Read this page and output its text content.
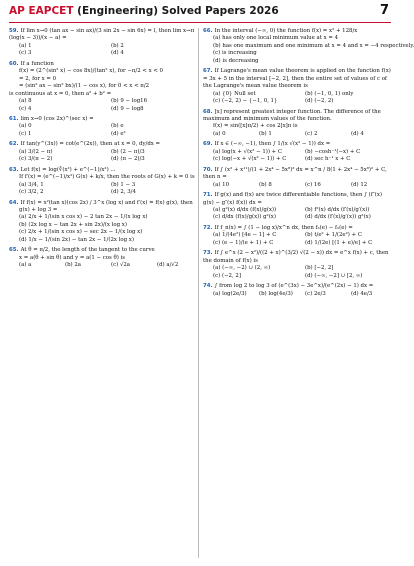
AP EAPCET (Engineering) Solved Papers 2026	7
59. If lim x→0 (tan ax − sin ax)/(3 sin 2x − sin 6x) = l, then lim x→π (log(x − 3))/(x − a) =
(a) 1	(b) 2
(c) 3	(d) 4
60. If a function
f(x) = (2^(sin² x) − cos 8x)/(tan² x), for −π/2 < x < 0
= 2, for x = 0
= (sin² ax − sin² bx)/(1 − cos x), for 0 < x < π/2
is continuous at x = 0, then a² + b² =
(a) 8	(b) 9 − log16
(c) 4	(d) 9 − log8
61. lim x→0 (cos 2x)^(sec x) =
(a) 0	(b) e
(c) 1	(d) e²
62. If tan(y^(3x)) = cot(e^(2x)), then at x = 0, dy/dx =
(a) 3/(2 − π)	(b) (2 − π)/3
(c) 3/(π − 2)	(d) (π − 2)/3
63. Let f(x) = log(∛(x²) + e^(−1)/x²) ...
If f′(x) = (e^(−1)/x²) G(x) + k/x, then the roots of G(x) + k = 0 is
(a) 3/4, 1	(b) 1 − 3
(c) 3/2, 2	(d) 2, 3/4
64. If f(x) = x²(tan x)(cos 2x) / 3^x (log x) and f′(x) = f(x) g(x), then
g(x) + log 3 =
(a) 2/x + 1/(sin x cos x) − 2 tan 2x − 1/(x log x)
(b) (2x log x − tan 2x + sin 2x)/(x log x)
(c) 2/x + 1/(sin x cos x) − sec 2x − 1/(x log x)
(d) 1/x − 1/(sin 2x) − tan 2x − 1/(2x log x)
65. At θ = π/2, the length of the tangent to the curve
x = a(θ + sin θ) and y = a(1 − cos θ) is
(a) a	(b) 2a	(c) √2a	(d) a/√2
66. In the interval (−∞, 0) the function f(x) = x² + 128/x
(a) has only one local minimum value at x = 4
(b) has one maximum and one minimum at x = 4 and x = −4 respectively.
(c) is increasing
(d) is decreasing
67. If Lagrange's mean value theorem is applied on the function f(x) = 3x + 5 in the interval [−2, 2], then the entire set of values of c of the Lagrange's mean value theorem is
(a) {0} Null set	(b) (−1, 0, 1) only
(c) (−2, 2) − {−1, 0, 1}	(d) (−2, 2)
68. [x] represent greatest integer function. The difference of the maximum and minimum values of the function.
f(x) = sin([x]π/2) + cos 2[x]π is
(a) 0	(b) 1	(c) 2	(d) 4
69. If x ∈ (−∞, −1), then ∫ 1/(x √(x² − 1)) dx =
(a) log(x + √(x² − 1)) + C	(b) −cosh⁻¹(−x) + C
(c) log(−x + √(x² − 1)) + C	(d) sec h⁻¹ x + C
70. If ∫ (x² + x¹¹)/(1 + 2x⁴ − 5x⁸)³ dx = x^n / 8(1 + 2x⁴ − 5x⁸)² + C, then n =
(a) 10	(b) 8	(c) 16	(d) 12
71. If g(x) and f(x) are twice differentiable functions, then ∫ (f″(x) g(x) − g″(x) f(x)) dx =
(a) g²(x) d/dx (f(x)/g(x))	(b) f²(x) d/dx (f′(x)/g′(x))
(c) d/dx (f(x)/g(x)) g²(x)	(d) d/dx (f′(x)/g′(x)) g²(x)
72. If f_n(x) = ∫ (1 − log x)/x^n dx, then f₃(e) − f₂(e) =
(a) 1/(4e²) [4e − 1] + C	(b) t/e² + 1/(2e²) + C
(c) (e − 1)/(e + 1) + C	(d) 1/(2e) [(1 + e)/e] + C
73. If ∫ e^x (2 − x²)/((2 + x)^(3/2) √(2 − x)) dx = e^x f(x) + c, then the domain of f(x) is
(a) (−∞, −2) ∪ (2, ∞)	(b) [−2, 2]
(c) (−2, 2]	(d) (−∞, −2] ∪ [2, ∞)
74. ∫ from log 2 to log 3 of (e^(3x) − 3e^x)/(e^(2x) − 1) dx =
(a) log(2e/3)	(b) log(4e/3)	(c) 2e/3	(d) 4e/3
